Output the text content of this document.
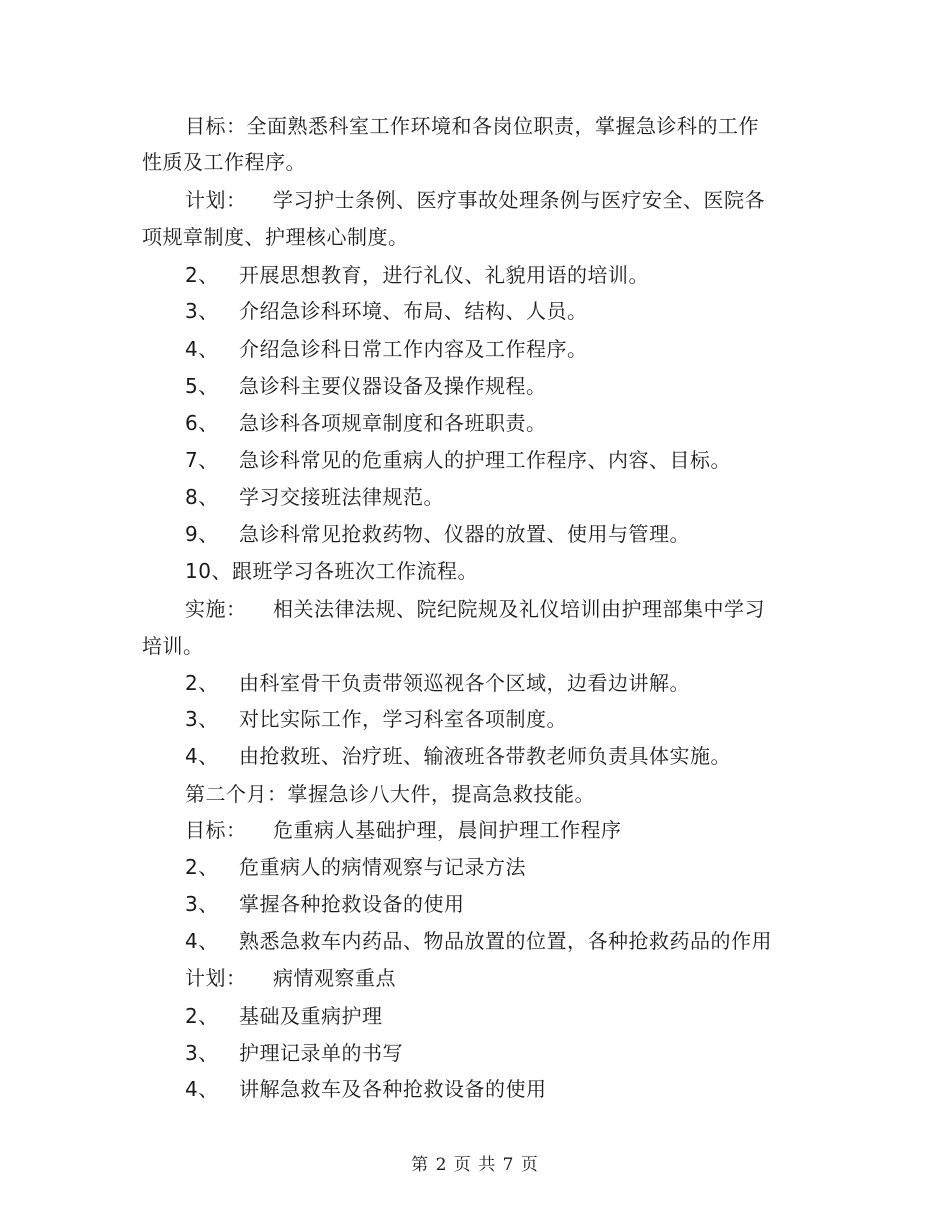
目标：全面熟悉科室工作环境和各岗位职责，掌握急诊科的工作

性质及工作程序。

计划： 学习护士条例、医疗事故处理条例与医疗安全、医院各

项规章制度、护理核心制度。

2、 开展思想教育，进行礼仪、礼貌用语的培训。

3、 介绍急诊科环境、布局、结构、人员。

4、 介绍急诊科日常工作内容及工作程序。

5、 急诊科主要仪器设备及操作规程。

6、 急诊科各项规章制度和各班职责。

7、 急诊科常见的危重病人的护理工作程序、内容、目标。

8、 学习交接班法律规范。

9、 急诊科常见抢救药物、仪器的放置、使用与管理。

10、跟班学习各班次工作流程。

实施： 相关法律法规、院纪院规及礼仪培训由护理部集中学习

培训。

2、 由科室骨干负责带领巡视各个区域，边看边讲解。

3、 对比实际工作，学习科室各项制度。

4、 由抢救班、治疗班、输液班各带教老师负责具体实施。

第二个月：掌握急诊八大件，提高急救技能。

目标： 危重病人基础护理，晨间护理工作程序

2、 危重病人的病情观察与记录方法

3、 掌握各种抢救设备的使用

4、 熟悉急救车内药品、物品放置的位置，各种抢救药品的作用

计划： 病情观察重点

2、 基础及重病护理

3、 护理记录单的书写

4、 讲解急救车及各种抢救设备的使用

第 2 页 共 7 页
